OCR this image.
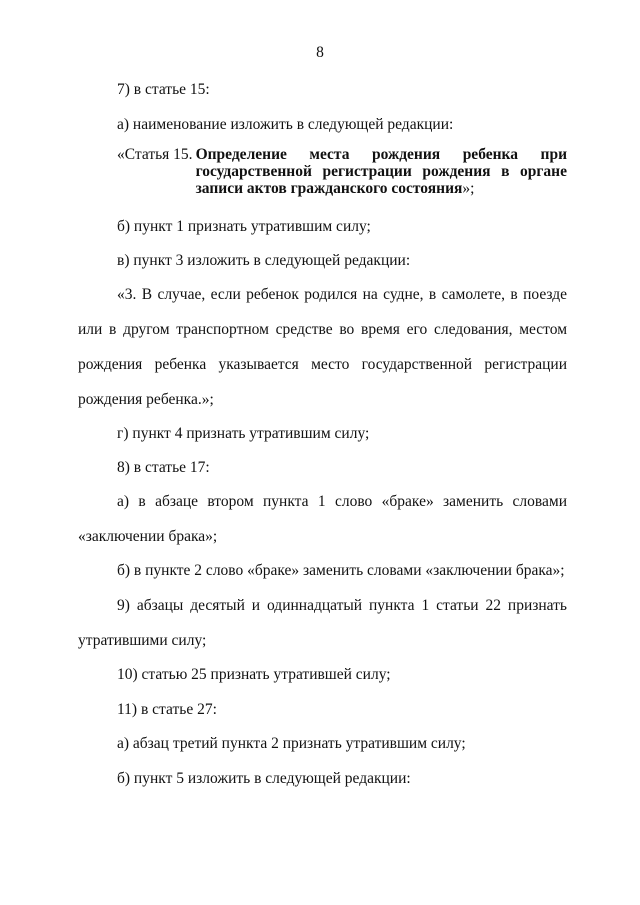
8

7) в статье 15:

а) наименование изложить в следующей редакции:

«Статья 15. Определение места рождения ребенка при государственной регистрации рождения в органе записи актов гражданского состояния»;

б) пункт 1 признать утратившим силу;

в) пункт 3 изложить в следующей редакции:

«3. В случае, если ребенок родился на судне, в самолете, в поезде или в другом транспортном средстве во время его следования, местом рождения ребенка указывается место государственной регистрации рождения ребенка.»;

г) пункт 4 признать утратившим силу;

8) в статье 17:

а) в абзаце втором пункта 1 слово «браке» заменить словами «заключении брака»;

б) в пункте 2 слово «браке» заменить словами «заключении брака»;

9) абзацы десятый и одиннадцатый пункта 1 статьи 22 признать утратившими силу;

10) статью 25 признать утратившей силу;

11) в статье 27:

а) абзац третий пункта 2 признать утратившим силу;

б) пункт 5 изложить в следующей редакции:
